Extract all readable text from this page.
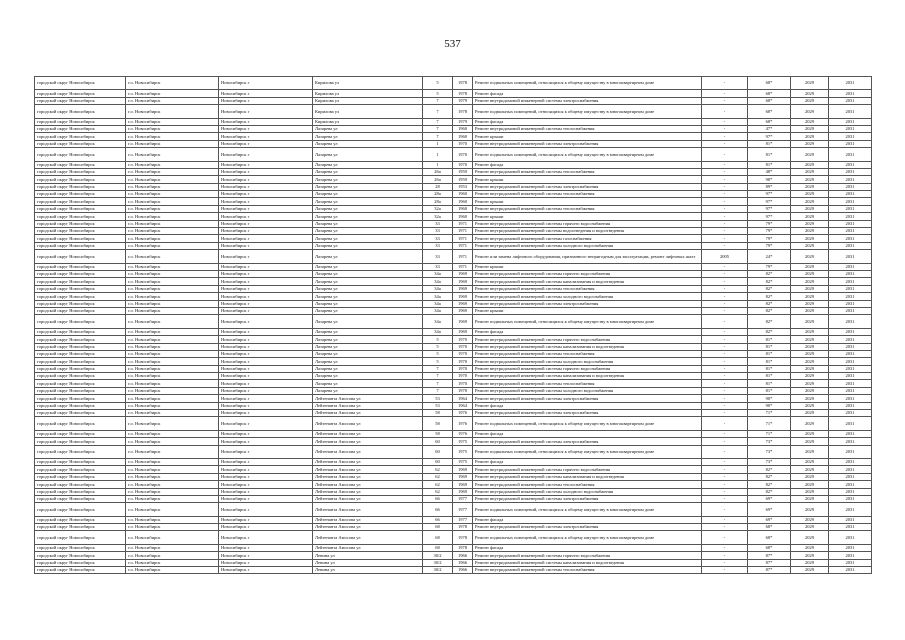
537
городской округ Новосибирск	г.о. Новосибирск	Новосибирск г	Кирилова ул	5	1978	Ремонт подвальных помещений, относящихся к общему имуществу в многоквартирном доме	-	68*	2029	2031
городской округ Новосибирск	г.о. Новосибирск	Новосибирск г	Кирилова ул	5	1978	Ремонт фасада	-	68*	2029	2031
городской округ Новосибирск	г.о. Новосибирск	Новосибирск г	Кирилова ул	7	1979	Ремонт внутридомовой инженерной системы электроснабжения	-	68*	2029	2031
городской округ Новосибирск	г.о. Новосибирск	Новосибирск г	Кирилова ул	7	1978	Ремонт подвальных помещений, относящихся к общему имуществу в многоквартирном доме	-	68*	2029	2031
городской округ Новосибирск	г.о. Новосибирск	Новосибирск г	Кирилова ул	7	1979	Ремонт фасада	-	68*	2029	2031
городской округ Новосибирск	г.о. Новосибирск	Новосибирск г	Лазарева ул	7	1960	Ремонт внутридомовой инженерной системы теплоснабжения	-	47*	2029	2031
городской округ Новосибирск	г.о. Новосибирск	Новосибирск г	Лазарева ул	7	1960	Ремонт крыши	-	97*	2029	2031
городской округ Новосибирск	г.о. Новосибирск	Новосибирск г	Лазарева ул	1	1970	Ремонт внутридомовой инженерной системы электроснабжения	-	81*	2029	2031
городской округ Новосибирск	г.о. Новосибирск	Новосибирск г	Лазарева ул	1	1970	Ремонт подвальных помещений, относящихся к общему имуществу в многоквартирном доме	-	81*	2029	2031
городской округ Новосибирск	г.о. Новосибирск	Новосибирск г	Лазарева ул	1	1970	Ремонт фасада	-	81*	2029	2031
городской округ Новосибирск	г.о. Новосибирск	Новосибирск г	Лазарева ул	26а	1959	Ремонт внутридомовой инженерной системы теплоснабжения	-	48*	2029	2031
городской округ Новосибирск	г.о. Новосибирск	Новосибирск г	Лазарева ул	26а	1959	Ремонт крыши	-	98*	2029	2031
городской округ Новосибирск	г.о. Новосибирск	Новосибирск г	Лазарева ул	28	1953	Ремонт внутридомовой инженерной системы электроснабжения	-	89*	2029	2031
городской округ Новосибирск	г.о. Новосибирск	Новосибирск г	Лазарева ул	28а	1960	Ремонт внутридомовой инженерной системы теплоснабжения	-	97*	2029	2031
городской округ Новосибирск	г.о. Новосибирск	Новосибирск г	Лазарева ул	28а	1960	Ремонт крыши	-	97*	2029	2031
городской округ Новосибирск	г.о. Новосибирск	Новосибирск г	Лазарева ул	32а	1960	Ремонт внутридомовой инженерной системы теплоснабжения	-	97*	2029	2031
городской округ Новосибирск	г.о. Новосибирск	Новосибирск г	Лазарева ул	32а	1960	Ремонт крыши	-	97*	2029	2031
городской округ Новосибирск	г.о. Новосибирск	Новосибирск г	Лазарева ул	33	1971	Ремонт внутридомовой инженерной системы горячего водоснабжения	-	79*	2029	2031
городской округ Новосибирск	г.о. Новосибирск	Новосибирск г	Лазарева ул	33	1971	Ремонт внутридомовой инженерной системы водоотведения и водоотведения	-	79*	2029	2031
городской округ Новосибирск	г.о. Новосибирск	Новосибирск г	Лазарева ул	33	1971	Ремонт внутридомовой инженерной системы газоснабжения	-	79*	2029	2031
городской округ Новосибирск	г.о. Новосибирск	Новосибирск г	Лазарева ул	33	1971	Ремонт внутридомовой инженерной системы холодного водоснабжения	-	79*	2029	2031
городской округ Новосибирск	г.о. Новосибирск	Новосибирск г	Лазарева ул	33	1971	Ремонт или замена лифтового оборудования, признанного непригодным для эксплуатации, ремонт лифтовых шахт	2005	24*	2029	2031
городской округ Новосибирск	г.о. Новосибирск	Новосибирск г	Лазарева ул	33	1971	Ремонт крыши	-	79*	2029	2031
городской округ Новосибирск	г.о. Новосибирск	Новосибирск г	Лазарева ул	34а	1969	Ремонт внутридомовой инженерной системы горячего водоснабжения	-	82*	2029	2031
городской округ Новосибирск	г.о. Новосибирск	Новосибирск г	Лазарева ул	34а	1969	Ремонт внутридомовой инженерной системы канализования и водоотведения	-	82*	2029	2031
городской округ Новосибирск	г.о. Новосибирск	Новосибирск г	Лазарева ул	34а	1969	Ремонт внутридомовой инженерной системы теплоснабжения	-	82*	2029	2031
городской округ Новосибирск	г.о. Новосибирск	Новосибирск г	Лазарева ул	34а	1969	Ремонт внутридомовой инженерной системы холодного водоснабжения	-	82*	2029	2031
городской округ Новосибирск	г.о. Новосибирск	Новосибирск г	Лазарева ул	34а	1969	Ремонт внутридомовой инженерной системы электроснабжения	-	82*	2029	2031
городской округ Новосибирск	г.о. Новосибирск	Новосибирск г	Лазарева ул	34а	1969	Ремонт крыши	-	82*	2029	2031
городской округ Новосибирск	г.о. Новосибирск	Новосибирск г	Лазарева ул	34а	1969	Ремонт подвальных помещений, относящихся к общему имуществу в многоквартирном доме	-	82*	2029	2031
городской округ Новосибирск	г.о. Новосибирск	Новосибирск г	Лазарева ул	34а	1969	Ремонт фасада	-	82*	2029	2031
городской округ Новосибирск	г.о. Новосибирск	Новосибирск г	Лазарева ул	5	1970	Ремонт внутридомовой инженерной системы горячего водоснабжения	-	81*	2029	2031
городской округ Новосибирск	г.о. Новосибирск	Новосибирск г	Лазарева ул	5	1970	Ремонт внутридомовой инженерной системы канализования и водоотведения	-	81*	2029	2031
городской округ Новосибирск	г.о. Новосибирск	Новосибирск г	Лазарева ул	5	1970	Ремонт внутридомовой инженерной системы теплоснабжения	-	81*	2029	2031
городской округ Новосибирск	г.о. Новосибирск	Новосибирск г	Лазарева ул	5	1970	Ремонт внутридомовой инженерной системы холодного водоснабжения	-	81*	2029	2031
городской округ Новосибирск	г.о. Новосибирск	Новосибирск г	Лазарева ул	7	1970	Ремонт внутридомовой инженерной системы горячего водоснабжения	-	81*	2029	2031
городской округ Новосибирск	г.о. Новосибирск	Новосибирск г	Лазарева ул	7	1970	Ремонт внутридомовой инженерной системы канализования и водоотведения	-	81*	2029	2031
городской округ Новосибирск	г.о. Новосибирск	Новосибирск г	Лазарева ул	7	1970	Ремонт внутридомовой инженерной системы теплоснабжения	-	81*	2029	2031
городской округ Новосибирск	г.о. Новосибирск	Новосибирск г	Лазарева ул	7	1970	Ремонт внутридомовой инженерной системы холодного водоснабжения	-	81*	2029	2031
городской округ Новосибирск	г.о. Новосибирск	Новосибирск г	Лейтенанта Амосова ул	53	1964	Ремонт внутридомовой инженерной системы электроснабжения	-	90*	2029	2031
городской округ Новосибирск	г.о. Новосибирск	Новосибирск г	Лейтенанта Амосова ул	53	1964	Ремонт фасада	-	90*	2029	2031
городской округ Новосибирск	г.о. Новосибирск	Новосибирск г	Лейтенанта Амосова ул	58	1976	Ремонт внутридомовой инженерной системы электроснабжения	-	71*	2029	2031
городской округ Новосибирск	г.о. Новосибирск	Новосибирск г	Лейтенанта Амосова ул	58	1976	Ремонт подвальных помещений, относящихся к общему имуществу в многоквартирном доме	-	71*	2029	2031
городской округ Новосибирск	г.о. Новосибирск	Новосибирск г	Лейтенанта Амосова ул	58	1976	Ремонт фасада	-	71*	2029	2031
городской округ Новосибирск	г.о. Новосибирск	Новосибирск г	Лейтенанта Амосова ул	60	1975	Ремонт внутридомовой инженерной системы электроснабжения	-	73*	2029	2031
городской округ Новосибирск	г.о. Новосибирск	Новосибирск г	Лейтенанта Амосова ул	60	1975	Ремонт подвальных помещений, относящихся к общему имуществу в многоквартирном доме	-	73*	2029	2031
городской округ Новосибирск	г.о. Новосибирск	Новосибирск г	Лейтенанта Амосова ул	60	1975	Ремонт фасада	-	73*	2029	2031
городской округ Новосибирск	г.о. Новосибирск	Новосибирск г	Лейтенанта Амосова ул	62	1969	Ремонт внутридомовой инженерной системы горячего водоснабжения	-	82*	2029	2031
городской округ Новосибирск	г.о. Новосибирск	Новосибирск г	Лейтенанта Амосова ул	62	1969	Ремонт внутридомовой инженерной системы канализования и водоотведения	-	82*	2029	2031
городской округ Новосибирск	г.о. Новосибирск	Новосибирск г	Лейтенанта Амосова ул	62	1969	Ремонт внутридомовой инженерной системы теплоснабжения	-	82*	2029	2031
городской округ Новосибирск	г.о. Новосибирск	Новосибирск г	Лейтенанта Амосова ул	62	1969	Ремонт внутридомовой инженерной системы холодного водоснабжения	-	82*	2029	2031
городской округ Новосибирск	г.о. Новосибирск	Новосибирск г	Лейтенанта Амосова ул	66	1977	Ремонт внутридомовой инженерной системы электроснабжения	-	69*	2029	2031
городской округ Новосибирск	г.о. Новосибирск	Новосибирск г	Лейтенанта Амосова ул	66	1977	Ремонт подвальных помещений, относящихся к общему имуществу в многоквартирном доме	-	69*	2029	2031
городской округ Новосибирск	г.о. Новосибирск	Новосибирск г	Лейтенанта Амосова ул	66	1977	Ремонт фасада	-	69*	2029	2031
городской округ Новосибирск	г.о. Новосибирск	Новосибирск г	Лейтенанта Амосова ул	68	1978	Ремонт внутридомовой инженерной системы электроснабжения	-	68*	2029	2031
городской округ Новосибирск	г.о. Новосибирск	Новосибирск г	Лейтенанта Амосова ул	68	1978	Ремонт подвальных помещений, относящихся к общему имуществу в многоквартирном доме	-	68*	2029	2031
городской округ Новосибирск	г.о. Новосибирск	Новосибирск г	Лейтенанта Амосова ул	68	1978	Ремонт фасада	-	68*	2029	2031
городской округ Новосибирск	г.о. Новосибирск	Новосибирск г	Ленина ул	30/2	1966	Ремонт внутридомовой инженерной системы горячего водоснабжения	-	87*	2029	2031
городской округ Новосибирск	г.о. Новосибирск	Новосибирск г	Ленина ул	30/2	1966	Ремонт внутридомовой инженерной системы канализования и водоотведения	-	87*	2029	2031
городской округ Новосибирск	г.о. Новосибирск	Новосибирск г	Ленина ул	30/2	1966	Ремонт внутридомовой инженерной системы теплоснабжения	-	87*	2029	2031
